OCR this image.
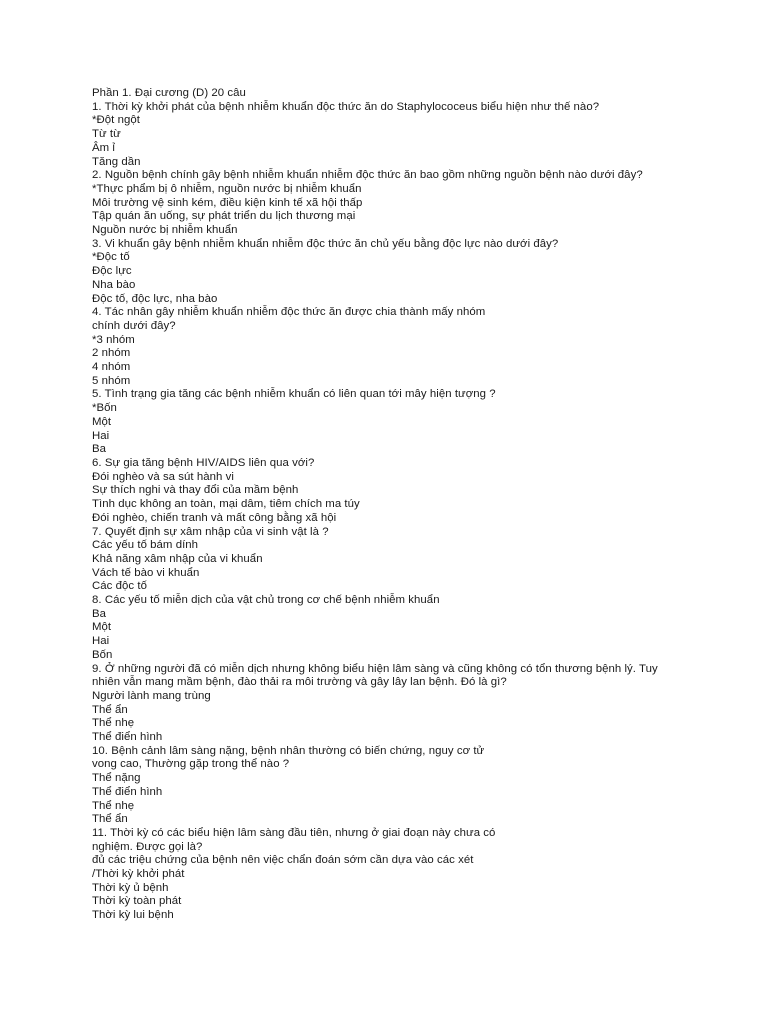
Phần 1. Đại cương (D) 20 câu
1. Thời kỳ khởi phát của bệnh nhiễm khuẩn độc thức ăn do Staphylococeus biểu hiện như thế nào?
*Đột ngột
Từ từ
Âm ỉ
Tăng dần
2. Nguồn bệnh chính gây bệnh nhiễm khuẩn nhiễm độc thức ăn bao gồm những nguồn bệnh nào dưới đây?
*Thực phẩm bị ô nhiễm, nguồn nước bị nhiễm khuẩn
Môi trường vệ sinh kém, điều kiện kinh tế xã hội thấp
Tập quán ăn uống, sự phát triển du lịch thương mại
Nguồn nước bị nhiễm khuẩn
3. Vi khuẩn gây bệnh nhiễm khuẩn nhiễm độc thức ăn chủ yếu bằng độc lực nào dưới đây?
*Độc tố
Độc lực
Nha bào
Độc tố, độc lực, nha bào
4. Tác nhân gây nhiễm khuẩn nhiễm độc thức ăn được chia thành mấy nhóm
chính dưới đây?
*3 nhóm
2 nhóm
4 nhóm
5 nhóm
5. Tình trạng gia tăng các bệnh nhiễm khuẩn có liên quan tới mây hiện tượng ?
*Bốn
Một
Hai
Ba
6. Sự gia tăng bệnh HIV/AIDS liên qua với?
Đói nghèo và sa sút hành vi
Sự thích nghi và thay đổi của mầm bệnh
Tình dục không an toàn, mại dâm, tiêm chích ma túy
Đói nghèo, chiến tranh và mất công bằng xã hội
7. Quyết định sự xâm nhập của vi sinh vật là ?
Các yếu tố bám dính
Khả năng xâm nhập của vi khuẩn
Vách tế bào vi khuẩn
Các độc tố
8. Các yếu tố miễn dịch của vật chủ trong cơ chế bệnh nhiễm khuẩn
Ba
Một
Hai
Bốn
9. Ở những người đã có miễn dịch nhưng không biểu hiện lâm sàng và cũng không có tổn thương bệnh lý. Tuy
nhiên vẫn mang mầm bệnh, đào thải ra môi trường và gây lây lan bệnh. Đó là gì?
Người lành mang trùng
Thể ẩn
Thể nhẹ
Thể điển hình
10. Bệnh cảnh lâm sàng nặng, bệnh nhân thường có biến chứng, nguy cơ tử
vong cao, Thường gặp trong thể nào ?
Thể nặng
Thể điển hình
Thể nhẹ
Thể ẩn
11. Thời kỳ có các biểu hiện lâm sàng đầu tiên, nhưng ở giai đoạn này chưa có
nghiệm. Được gọi là?
đủ các triệu chứng của bệnh nên việc chẩn đoán sớm cần dựa vào các xét
/Thời kỳ khởi phát
Thời kỳ ủ bệnh
Thời kỳ toàn phát
Thời kỳ lui bệnh
